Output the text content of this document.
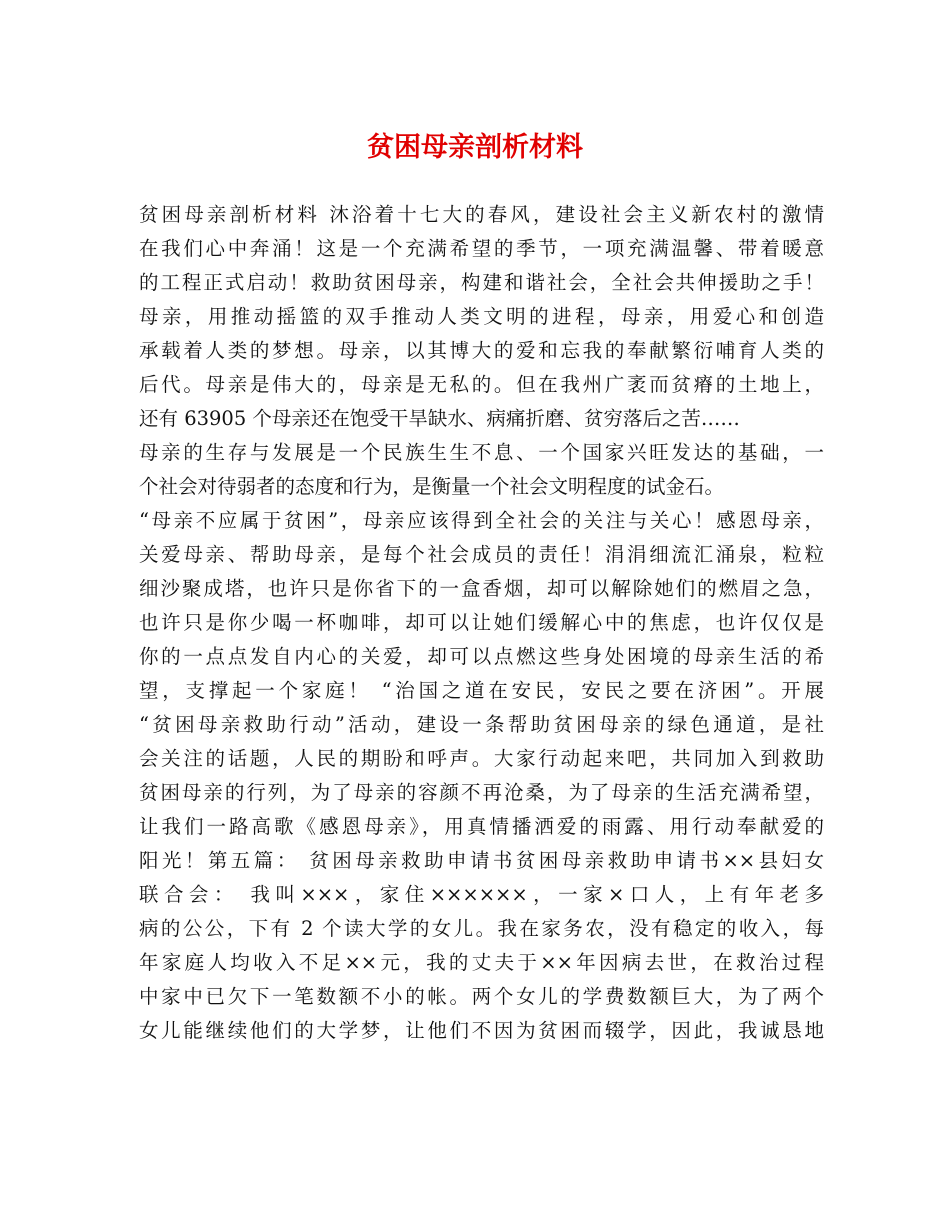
贫困母亲剖析材料
贫困母亲剖析材料 沐浴着十七大的春风，建设社会主义新农村的激情
在我们心中奔涌！这是一个充满希望的季节，一项充满温馨、带着暖意
的工程正式启动！救助贫困母亲，构建和谐社会，全社会共伸援助之手！
母亲，用推动摇篮的双手推动人类文明的进程，母亲，用爱心和创造
承载着人类的梦想。母亲，以其博大的爱和忘我的奉献繁衍哺育人类的
后代。母亲是伟大的，母亲是无私的。但在我州广袤而贫瘠的土地上，
还有 63905 个母亲还在饱受干旱缺水、病痛折磨、贫穷落后之苦……
母亲的生存与发展是一个民族生生不息、一个国家兴旺发达的基础，一
个社会对待弱者的态度和行为，是衡量一个社会文明程度的试金石。
“母亲不应属于贫困”，母亲应该得到全社会的关注与关心！感恩母亲，
关爱母亲、帮助母亲，是每个社会成员的责任！涓涓细流汇涌泉，粒粒
细沙聚成塔，也许只是你省下的一盒香烟，却可以解除她们的燃眉之急，
也许只是你少喝一杯咖啡，却可以让她们缓解心中的焦虑，也许仅仅是
你的一点点发自内心的关爱，却可以点燃这些身处困境的母亲生活的希
望，支撑起一个家庭！ “治国之道在安民，安民之要在济困”。开展
“贫困母亲救助行动”活动，建设一条帮助贫困母亲的绿色通道，是社
会关注的话题，人民的期盼和呼声。大家行动起来吧，共同加入到救助
贫困母亲的行列，为了母亲的容颜不再沧桑，为了母亲的生活充满希望，
让我们一路高歌《感恩母亲》，用真情播洒爱的雨露、用行动奉献爱的
阳光！第五篇： 贫困母亲救助申请书贫困母亲救助申请书××县妇女
联合会： 我叫×××，家住××××××，一家×口人，上有年老多
病的公公，下有 2 个读大学的女儿。我在家务农，没有稳定的收入，每
年家庭人均收入不足××元，我的丈夫于××年因病去世，在救治过程
中家中已欠下一笔数额不小的帐。两个女儿的学费数额巨大，为了两个
女儿能继续他们的大学梦，让他们不因为贫困而辍学，因此，我诚恳地
